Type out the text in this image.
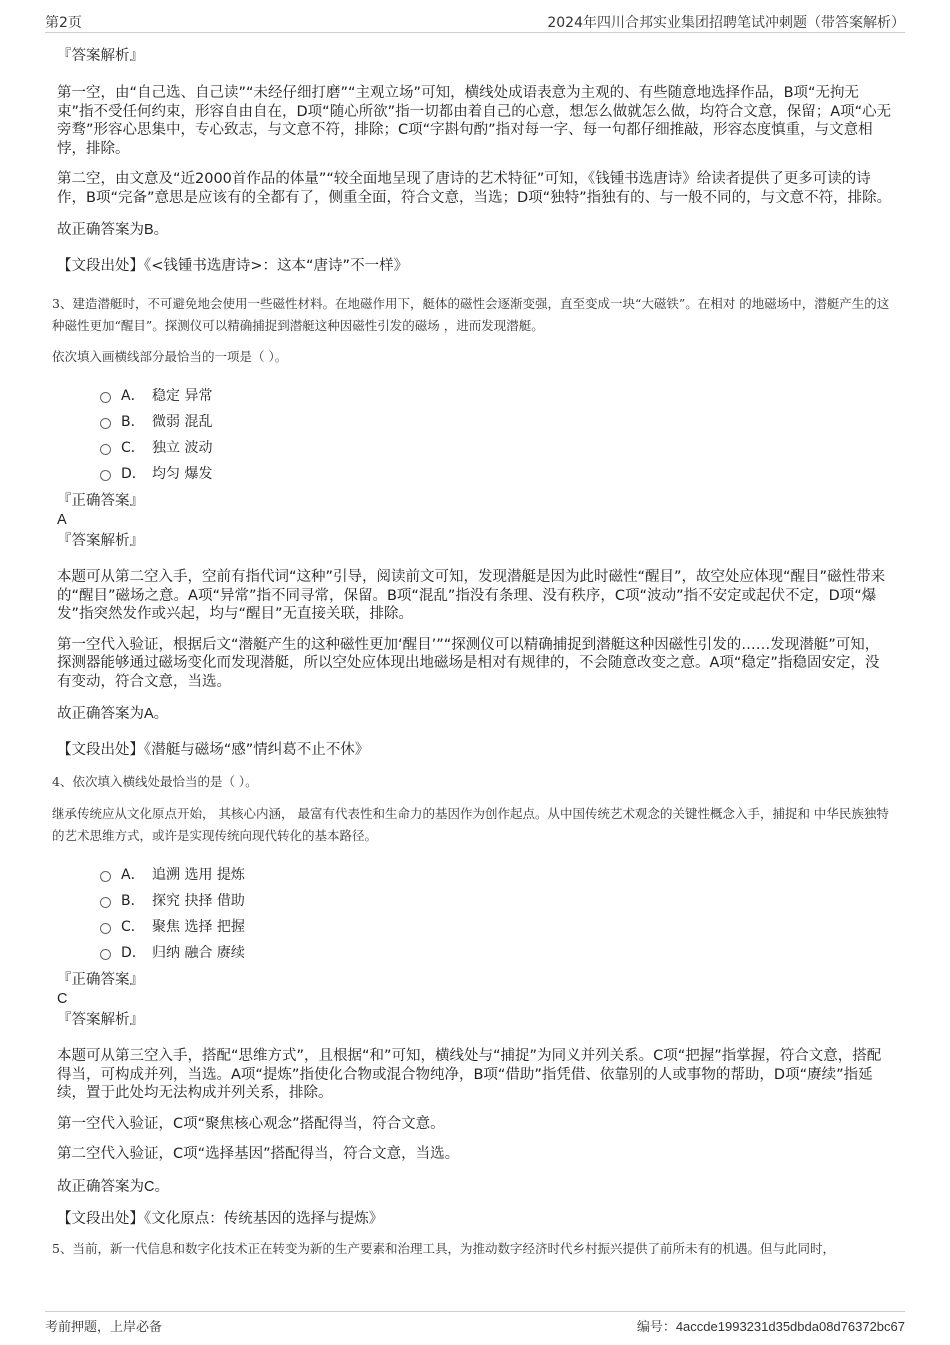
第2页	2024年四川合邦实业集团招聘笔试冲刺题（带答案解析）

『答案解析』

第一空，由“自己选、自己读”“未经仔细打磨”“主观立场”可知，横线处成语表意为主观的、有些随意地选择作品，B项“无拘无束”指不受任何约束，形容自由自在，D项“随心所欲”指一切都由着自己的心意，想怎么做就怎么做，均符合文意，保留；A项“心无旁骛”形容心思集中，专心致志，与文意不符，排除；C项“字斟句酌”指对每一字、每一句都仔细推敲，形容态度慎重，与文意相悖，排除。

第二空，由文意及“近2000首作品的体量”“较全面地呈现了唐诗的艺术特征”可知，《钱锺书选唐诗》给读者提供了更多可读的诗作，B项“完备”意思是应该有的全都有了，侧重全面，符合文意，当选；D项“独特”指独有的、与一般不同的，与文意不符，排除。

故正确答案为B。

【文段出处】《<钱锺书选唐诗>：这本“唐诗”不一样》

3、建造潜艇时，不可避免地会使用一些磁性材料。在地磁作用下，艇体的磁性会逐渐变强，直至变成一块“大磁铁”。在相对 的地磁场中，潜艇产生的这种磁性更加“醒目”。探测仪可以精确捕捉到潜艇这种因磁性引发的磁场 ，进而发现潜艇。

依次填入画横线部分最恰当的一项是（ ）。

A． 稳定 异常
B． 微弱 混乱
C． 独立 波动
D． 均匀 爆发

『正确答案』

A

『答案解析』

本题可从第二空入手，空前有指代词“这种”引导，阅读前文可知，发现潜艇是因为此时磁性“醒目”，故空处应体现“醒目”磁性带来的“醒目”磁场之意。A项“异常”指不同寻常，保留。B项“混乱”指没有条理、没有秩序，C项“波动”指不安定或起伏不定，D项“爆发”指突然发作或兴起，均与“醒目”无直接关联，排除。

第一空代入验证，根据后文“潜艇产生的这种磁性更加‘醒目’”“探测仪可以精确捕捉到潜艇这种因磁性引发的……发现潜艇”可知，探测器能够通过磁场变化而发现潜艇，所以空处应体现出地磁场是相对有规律的，不会随意改变之意。A项“稳定”指稳固安定，没有变动，符合文意，当选。

故正确答案为A。

【文段出处】《潜艇与磁场“感”情纠葛不止不休》

4、依次填入横线处最恰当的是（ ）。

继承传统应从文化原点开始， 其核心内涵， 最富有代表性和生命力的基因作为创作起点。从中国传统艺术观念的关键性概念入手，捕捉和 中华民族独特的艺术思维方式，或许是实现传统向现代转化的基本路径。

A． 追溯 选用 提炼
B． 探究 抉择 借助
C． 聚焦 选择 把握
D． 归纳 融合 赓续

『正确答案』

C

『答案解析』

本题可从第三空入手，搭配“思维方式”，且根据“和”可知，横线处与“捕捉”为同义并列关系。C项“把握”指掌握，符合文意，搭配得当，可构成并列，当选。A项“提炼”指使化合物或混合物纯净，B项“借助”指凭借、依靠别的人或事物的帮助，D项“赓续”指延续，置于此处均无法构成并列关系，排除。

第一空代入验证，C项“聚焦核心观念”搭配得当，符合文意。

第二空代入验证，C项“选择基因”搭配得当，符合文意，当选。

故正确答案为C。

【文段出处】《文化原点：传统基因的选择与提炼》

5、当前，新一代信息和数字化技术正在转变为新的生产要素和治理工具，为推动数字经济时代乡村振兴提供了前所未有的机遇。但与此同时，

考前押题，上岸必备	编号：4accde1993231d35dbda08d76372bc67
